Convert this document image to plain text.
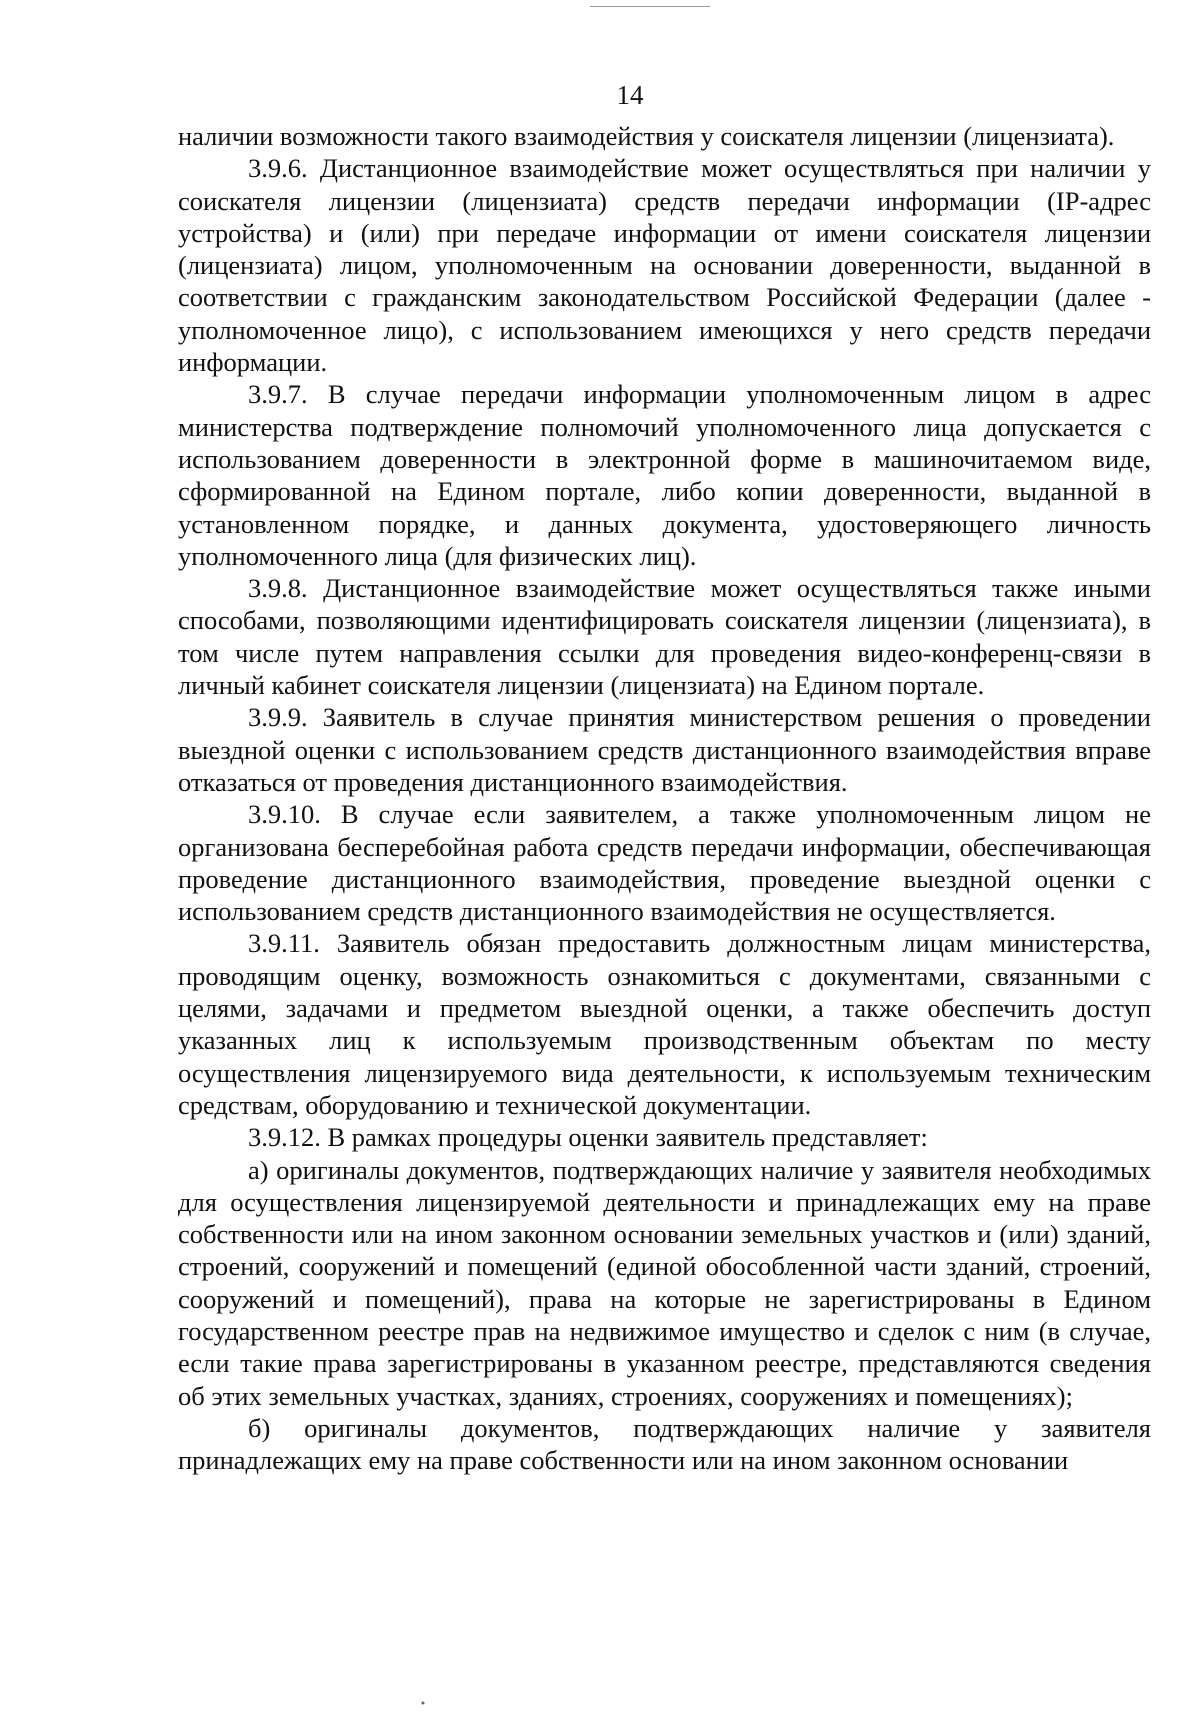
14

наличии возможности такого взаимодействия у соискателя лицензии (лицензиата).

3.9.6. Дистанционное взаимодействие может осуществляться при наличии у соискателя лицензии (лицензиата) средств передачи информации (IP-адрес устройства) и (или) при передаче информации от имени соискателя лицензии (лицензиата) лицом, уполномоченным на основании доверенности, выданной в соответствии с гражданским законодательством Российской Федерации (далее - уполномоченное лицо), с использованием имеющихся у него средств передачи информации.

3.9.7. В случае передачи информации уполномоченным лицом в адрес министерства подтверждение полномочий уполномоченного лица допускается с использованием доверенности в электронной форме в машиночитаемом виде, сформированной на Едином портале, либо копии доверенности, выданной в установленном порядке, и данных документа, удостоверяющего личность уполномоченного лица (для физических лиц).

3.9.8. Дистанционное взаимодействие может осуществляться также иными способами, позволяющими идентифицировать соискателя лицензии (лицензиата), в том числе путем направления ссылки для проведения видео-конференц-связи в личный кабинет соискателя лицензии (лицензиата) на Едином портале.

3.9.9. Заявитель в случае принятия министерством решения о проведении выездной оценки с использованием средств дистанционного взаимодействия вправе отказаться от проведения дистанционного взаимодействия.

3.9.10. В случае если заявителем, а также уполномоченным лицом не организована бесперебойная работа средств передачи информации, обеспечивающая проведение дистанционного взаимодействия, проведение выездной оценки с использованием средств дистанционного взаимодействия не осуществляется.

3.9.11. Заявитель обязан предоставить должностным лицам министерства, проводящим оценку, возможность ознакомиться с документами, связанными с целями, задачами и предметом выездной оценки, а также обеспечить доступ указанных лиц к используемым производственным объектам по месту осуществления лицензируемого вида деятельности, к используемым техническим средствам, оборудованию и технической документации.

3.9.12. В рамках процедуры оценки заявитель представляет:

а) оригиналы документов, подтверждающих наличие у заявителя необходимых для осуществления лицензируемой деятельности и принадлежащих ему на праве собственности или на ином законном основании земельных участков и (или) зданий, строений, сооружений и помещений (единой обособленной части зданий, строений, сооружений и помещений), права на которые не зарегистрированы в Едином государственном реестре прав на недвижимое имущество и сделок с ним (в случае, если такие права зарегистрированы в указанном реестре, представляются сведения об этих земельных участках, зданиях, строениях, сооружениях и помещениях);

б) оригиналы документов, подтверждающих наличие у заявителя принадлежащих ему на праве собственности или на ином законном основании
